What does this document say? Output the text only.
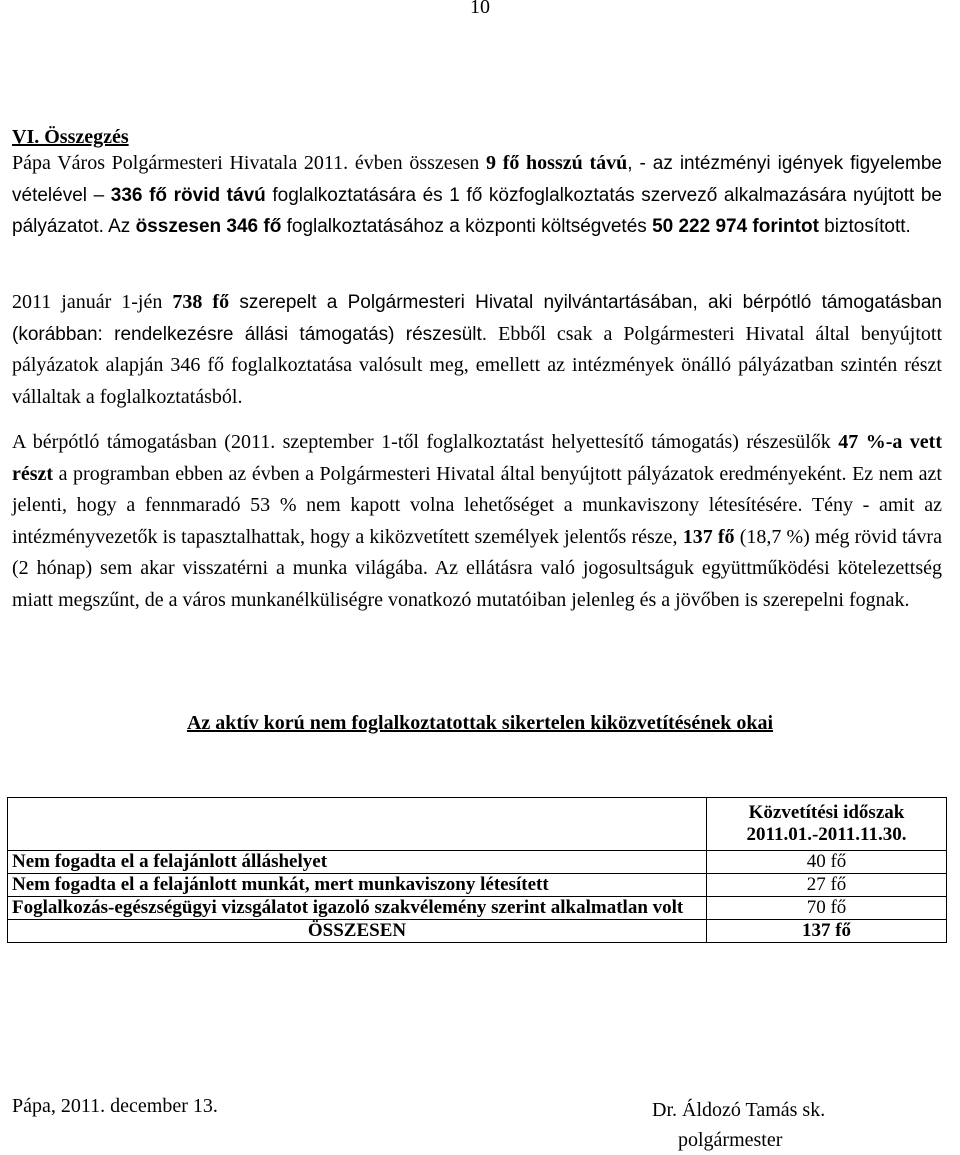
10
VI. Összegzés

Pápa Város Polgármesteri Hivatala 2011. évben összesen 9 fő hosszú távú, - az intézményi igények figyelembe vételével – 336 fő rövid távú foglalkoztatására és 1 fő közfoglalkoztatás szervező alkalmazására nyújtott be pályázatot. Az összesen 346 fő foglalkoztatásához a központi költségvetés 50 222 974 forintot biztosított.

2011 január 1-jén 738 fő szerepelt a Polgármesteri Hivatal nyilvántartásában, aki bérpótló támogatásban (korábban: rendelkezésre állási támogatás) részesült. Ebből csak a Polgármesteri Hivatal által benyújtott pályázatok alapján 346 fő foglalkoztatása valósult meg, emellett az intézmények önálló pályázatban szintén részt vállaltak a foglalkoztatásból.

A bérpótló támogatásban (2011. szeptember 1-től foglalkoztatást helyettesítő támogatás) részesülők 47 %-a vett részt a programban ebben az évben a Polgármesteri Hivatal által benyújtott pályázatok eredményeként. Ez nem azt jelenti, hogy a fennmaradó 53 % nem kapott volna lehetőséget a munkaviszony létesítésére. Tény - amit az intézményvezetők is tapasztalhattak, hogy a kiközvetített személyek jelentős része, 137 fő (18,7 %) még rövid távra (2 hónap) sem akar visszatérni a munka világába. Az ellátásra való jogosultságuk együttműködési kötelezettség miatt megszűnt, de a város munkanélküliségre vonatkozó mutatóiban jelenleg és a jövőben is szerepelni fognak.

Az aktív korú nem foglalkoztatottak sikertelen kiközvetítésének okai

	Közvetítési időszak
2011.01.-2011.11.30.

Nem fogadta el a felajánlott álláshelyet	40 fő
Nem fogadta el a felajánlott munkát, mert munkaviszony létesített	27 fő
Foglalkozás-egészségügyi vizsgálatot igazoló szakvélemény szerint alkalmatlan volt	70 fő
ÖSSZESEN	137 fő
Pápa, 2011. december 13.	Dr. Áldozó Tamás sk.
polgármester
